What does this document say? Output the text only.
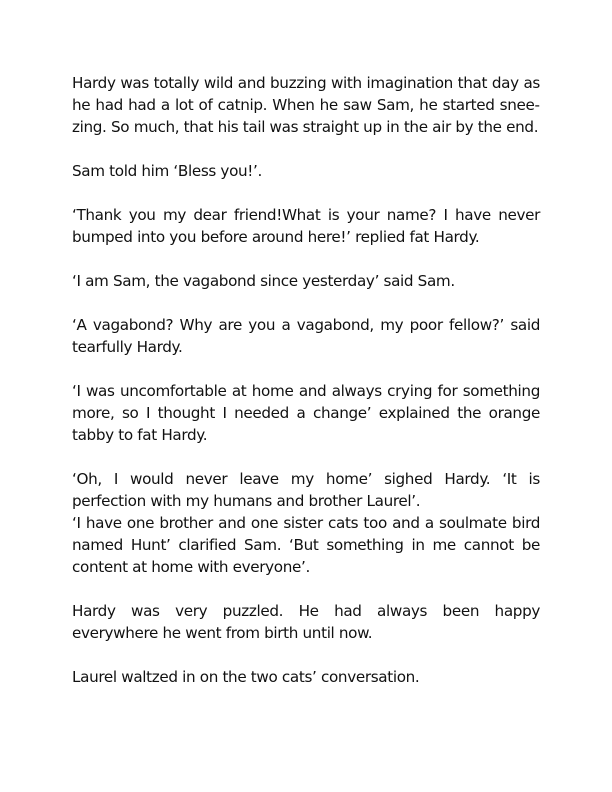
Hardy was totally wild and buzzing with imagination that day as he had had a lot of catnip. When he saw Sam, he started sneezing. So much, that his tail was straight up in the air by the end.

Sam told him ‘Bless you!’.

‘Thank you my dear friend!What is your name? I have never bumped into you before around here!’ replied fat Hardy.

‘I am Sam, the vagabond since yesterday’ said Sam.

‘A vagabond? Why are you a vagabond, my poor fellow?’ said tearfully Hardy.

‘I was uncomfortable at home and always crying for something more, so I thought I needed a change’ explained the orange tabby to fat Hardy.

‘Oh, I would never leave my home’ sighed Hardy. ‘It is perfection with my humans and brother Laurel’.

‘I have one brother and one sister cats too and a soulmate bird named Hunt’ clarified Sam. ‘But something in me cannot be content at home with everyone’.

Hardy was very puzzled. He had always been happy everywhere he went from birth until now.

Laurel waltzed in on the two cats’ conversation.
